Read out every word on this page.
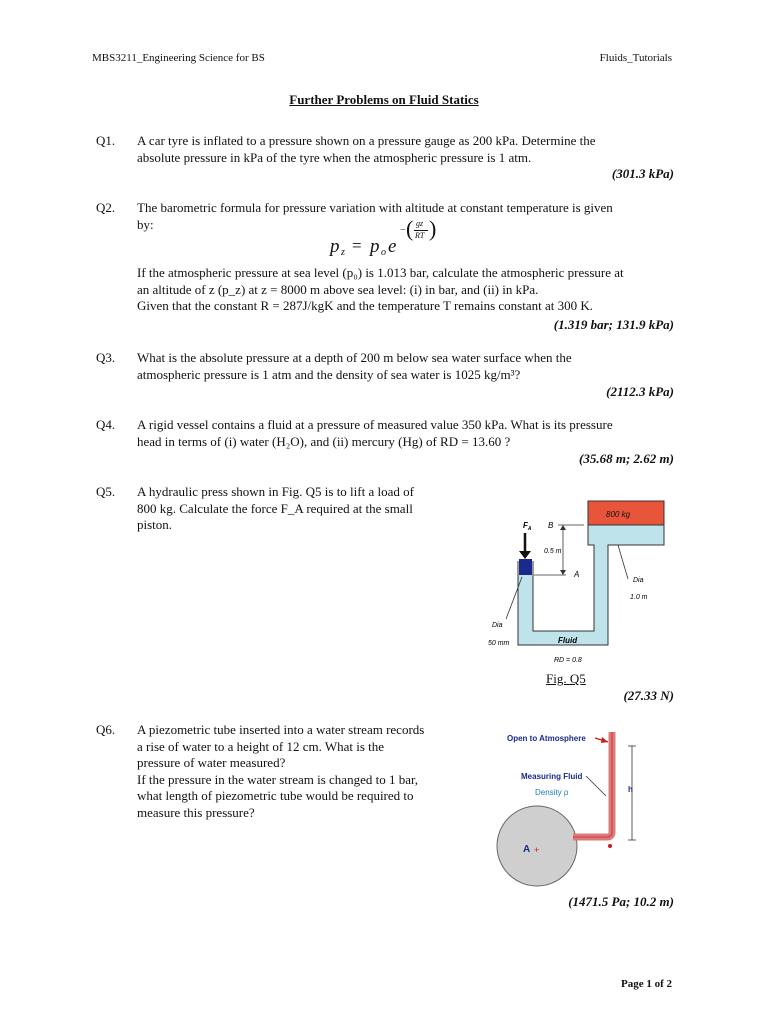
MBS3211_Engineering Science for BS	Fluids_Tutorials
Further Problems on Fluid Statics
Q1. A car tyre is inflated to a pressure shown on a pressure gauge as 200 kPa. Determine the
absolute pressure in kPa of the tyre when the atmospheric pressure is 1 atm.
(301.3 kPa)
Q2. The barometric formula for pressure variation with altitude at constant temperature is given
by:
p z = p o e
− ( gz
RT )
If the atmospheric pressure at sea level (p₀) is 1.013 bar, calculate the atmospheric pressure at
an altitude of z (p_z) at z = 8000 m above sea level: (i) in bar, and (ii) in kPa.
Given that the constant R = 287J/kgK and the temperature T remains constant at 300 K.
(1.319 bar; 131.9 kPa)
Q3. What is the absolute pressure at a depth of 200 m below sea water surface when the
atmospheric pressure is 1 atm and the density of sea water is 1025 kg/m³?
(2112.3 kPa)
Q4. A rigid vessel contains a fluid at a pressure of measured value 350 kPa. What is its pressure
head in terms of (i) water (H₂O), and (ii) mercury (Hg) of RD = 13.60 ?
(35.68 m; 2.62 m)
Q5. A hydraulic press shown in Fig. Q5 is to lift a load of
800 kg. Calculate the force F_A required at the small
piston.
800 kg
$F_A$ B
0.5 m
A
Dia
1.0 m
Dia
50 mm	Fluid
RD = 0.8
Fig. Q5
(27.33 N)
Q6. A piezometric tube inserted into a water stream records
a rise of water to a height of 12 cm. What is the
pressure of water measured?
If the pressure in the water stream is changed to 1 bar,
what length of piezometric tube would be required to
measure this pressure?
Open to Atmosphere
Measuring Fluid
Density ρ	h
A +
(1471.5 Pa; 10.2 m)
Page 1 of 2
